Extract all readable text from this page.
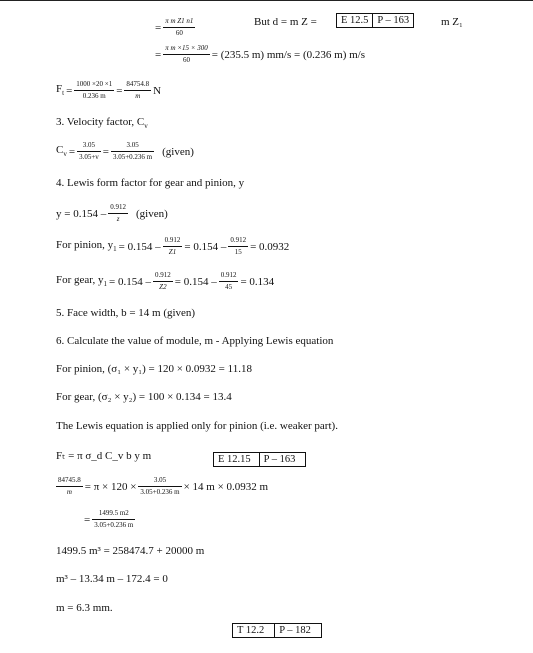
= $\frac{\text{π m Z1 n1}}{60}$	But d = m Z =	E 12.5 P – 163	m Z₁
= $\frac{\text{π m ×15 × 300}}{60} = (235.5$ m) mm/s = (0.236 m) m/s
$F_t = \frac{1000 \times 20 \times 1}{0.236 m} = \frac{84754.8}{m}$ N
3. Velocity factor, $C_v$
$C_v = \frac{3.05}{3.05+v} = \frac{3.05}{3.05+0.236 m}$ (given)
4. Lewis form factor for gear and pinion, y
$y = 0.154 - \frac{0.912}{z}$ (given)
For pinion, $y_1 = 0.154 - \frac{0.912}{Z1} = 0.154 - \frac{0.912}{15} = 0.0932$
For gear, $y_1 = 0.154 - \frac{0.912}{Z2} = 0.154 - \frac{0.912}{45} = 0.134$
5. Face width, b = 14 m (given)
6. Calculate the value of module, m - Applying Lewis equation
For pinion, (σ₁ × y₁) = 120 × 0.0932 = 11.18
For gear, (σ₂ × y₂) = 100 × 0.134 = 13.4
The Lewis equation is applied only for pinion (i.e. weaker part).
Fₜ = π σ_d C_v b y m	E 12.15	P – 163
$\frac{84745.8}{m} = \pi \times 120 \times \frac{3.05}{3.05+0.236 m} \times 14$ m × 0.0932 m
= $\frac{1499.5 m2}{3.05+0.236 m}$
1499.5 m³ = 258474.7 + 20000 m
m³ – 13.34 m – 172.4 = 0
m = 6.3 mm.
T 12.2	P – 182
